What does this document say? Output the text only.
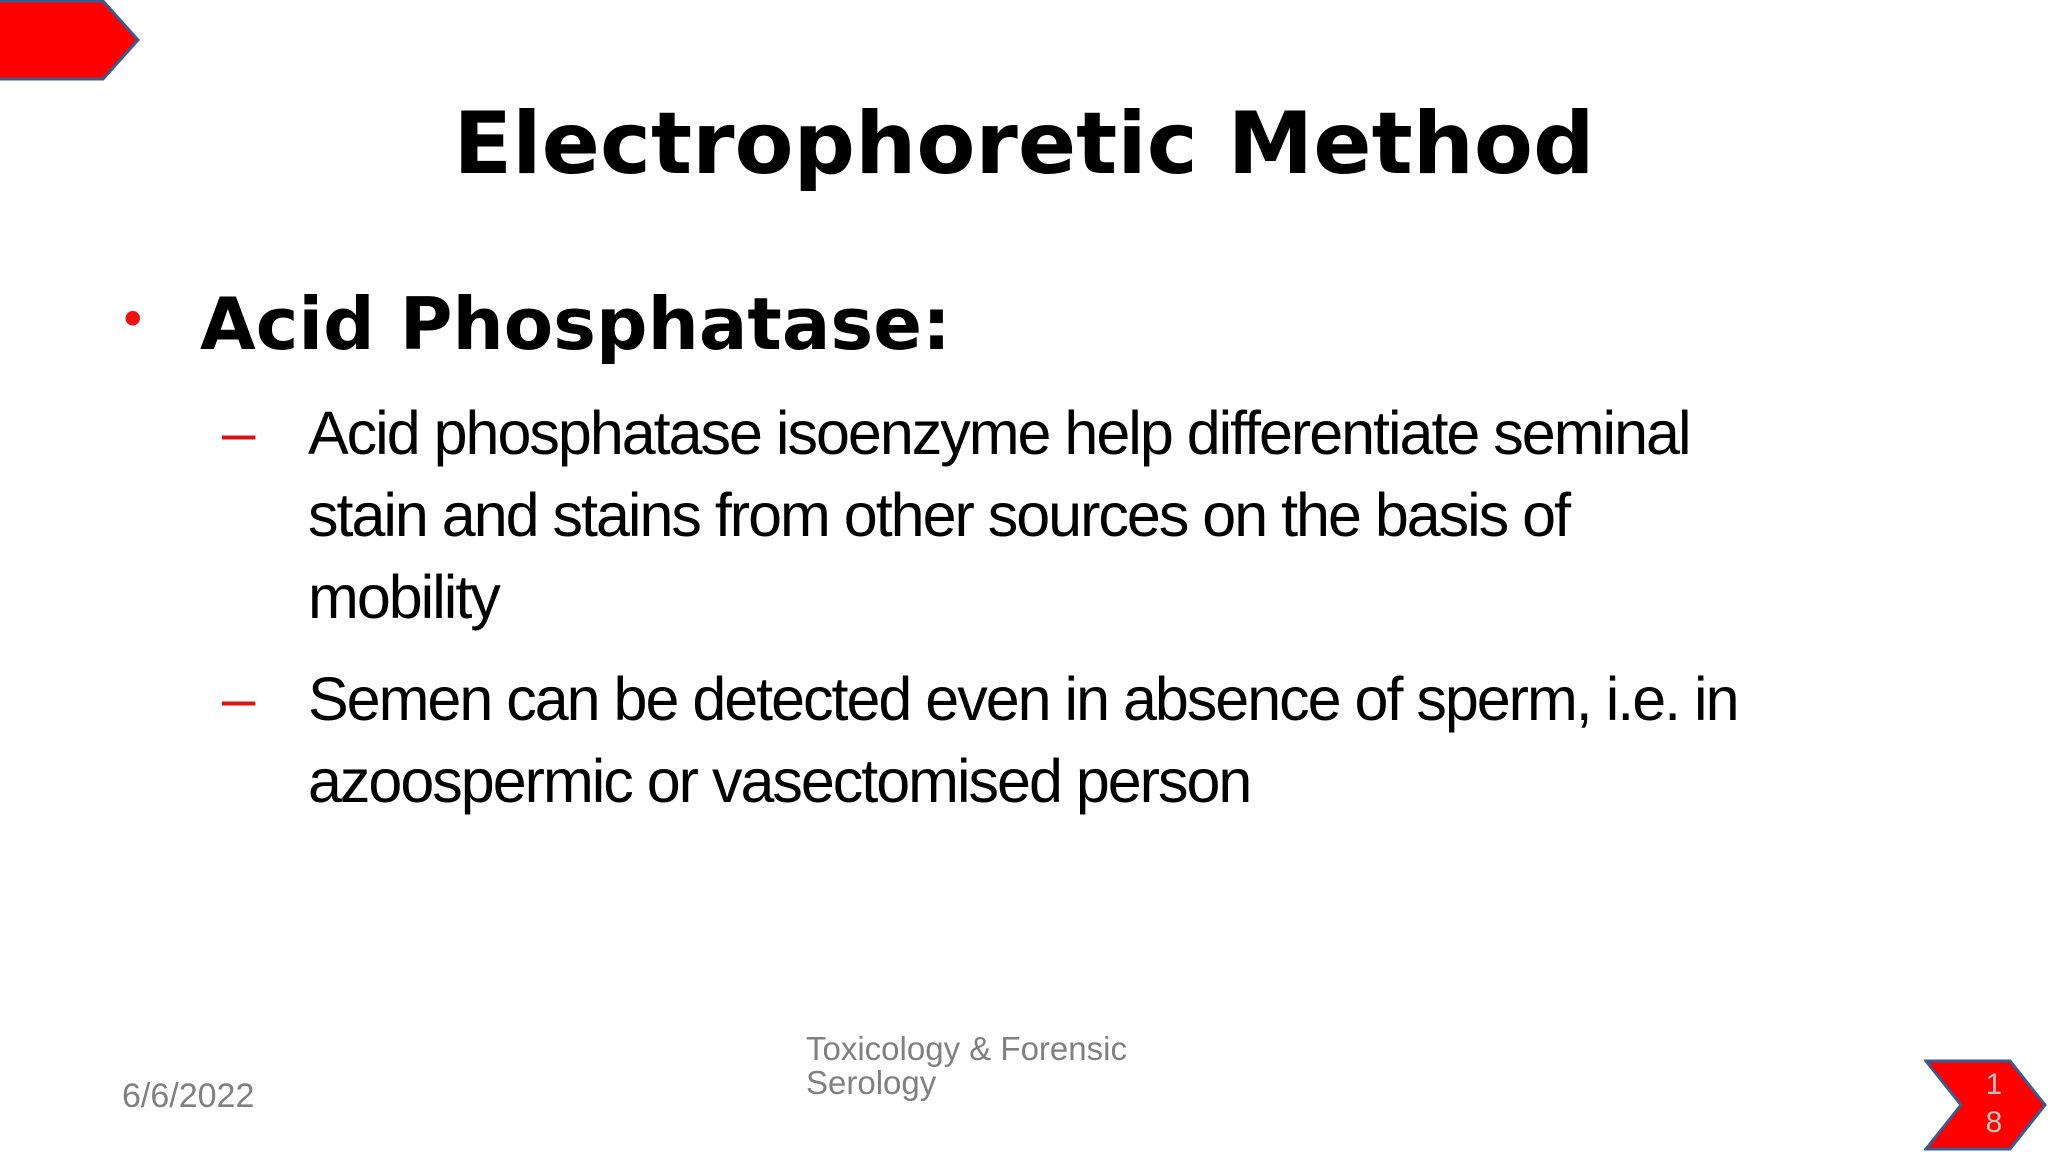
Electrophoretic Method
• Acid Phosphatase:
– Acid phosphatase isoenzyme help differentiate seminal
stain and stains from other sources on the basis of
mobility
– Semen can be detected even in absence of sperm, i.e. in
azoospermic or vasectomised person
6/6/2022
Toxicology & Forensic
Serology	1
8
